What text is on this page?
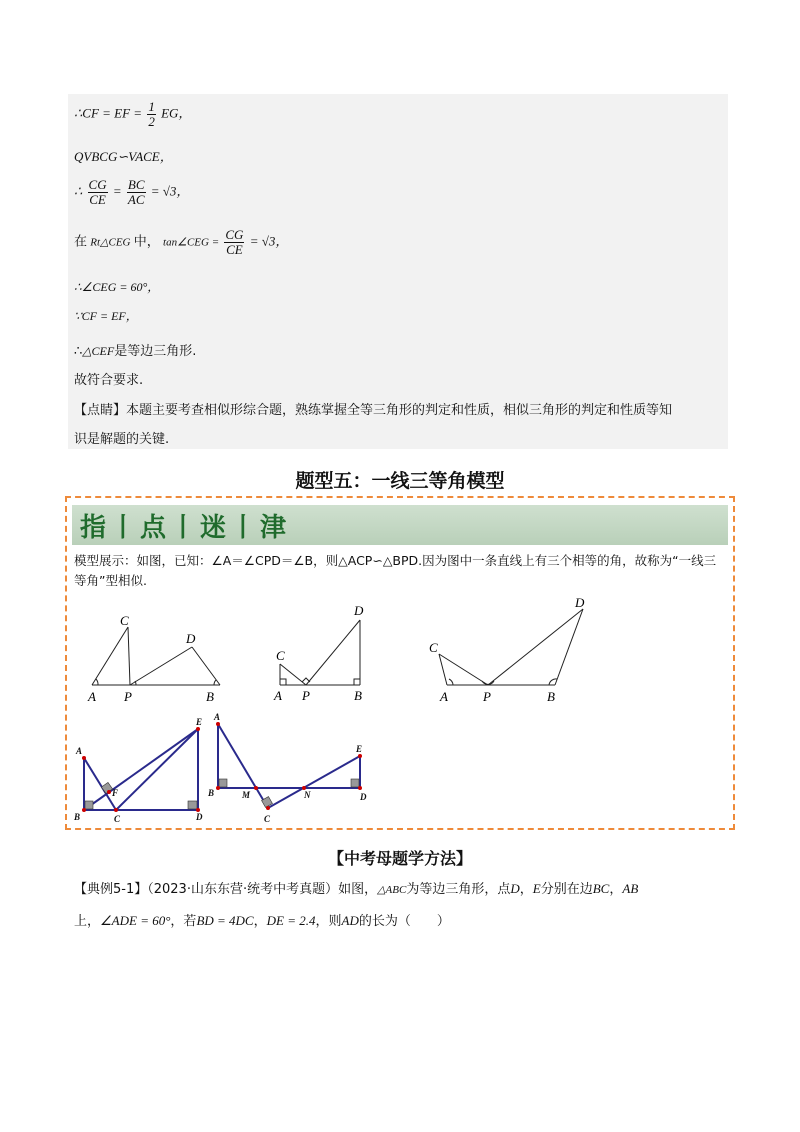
∴CF = EF = $\frac{1}{2}$ EG，
QVBCG∽VACE，
∴ $\frac{CG}{CE} = \frac{BC}{AC} = √3$，
在 Rt△CEG 中， tan∠CEG = $\frac{CG}{CE} = √3$，
∴∠CEG = 60°，
∵CF = EF，
∴△CEF是等边三角形.
故符合要求.
【点睛】本题主要考查相似形综合题，熟练掌握全等三角形的判定和性质，相似三角形的判定和性质等知
识是解题的关键.
题型五：一线三等角模型
指丨点丨迷丨津
模型展示：如图，已知：∠A＝∠CPD＝∠B，则△ACP∽△BPD.因为图中一条直线上有三个相等的角，故称为“一线三等角”型相似.
C
D
A P	B
D
C
A P	B
D
C
A	P	B
A
E
F
B	C	D
A
B	M	N
C
E
D
【中考母题学方法】
【典例5-1】（2023·山东东营·统考中考真题）如图，△ABC为等边三角形，点D，E分别在边BC，AB
上，∠ADE = 60°，若BD = 4DC，DE = 2.4，则AD的长为（　　）
